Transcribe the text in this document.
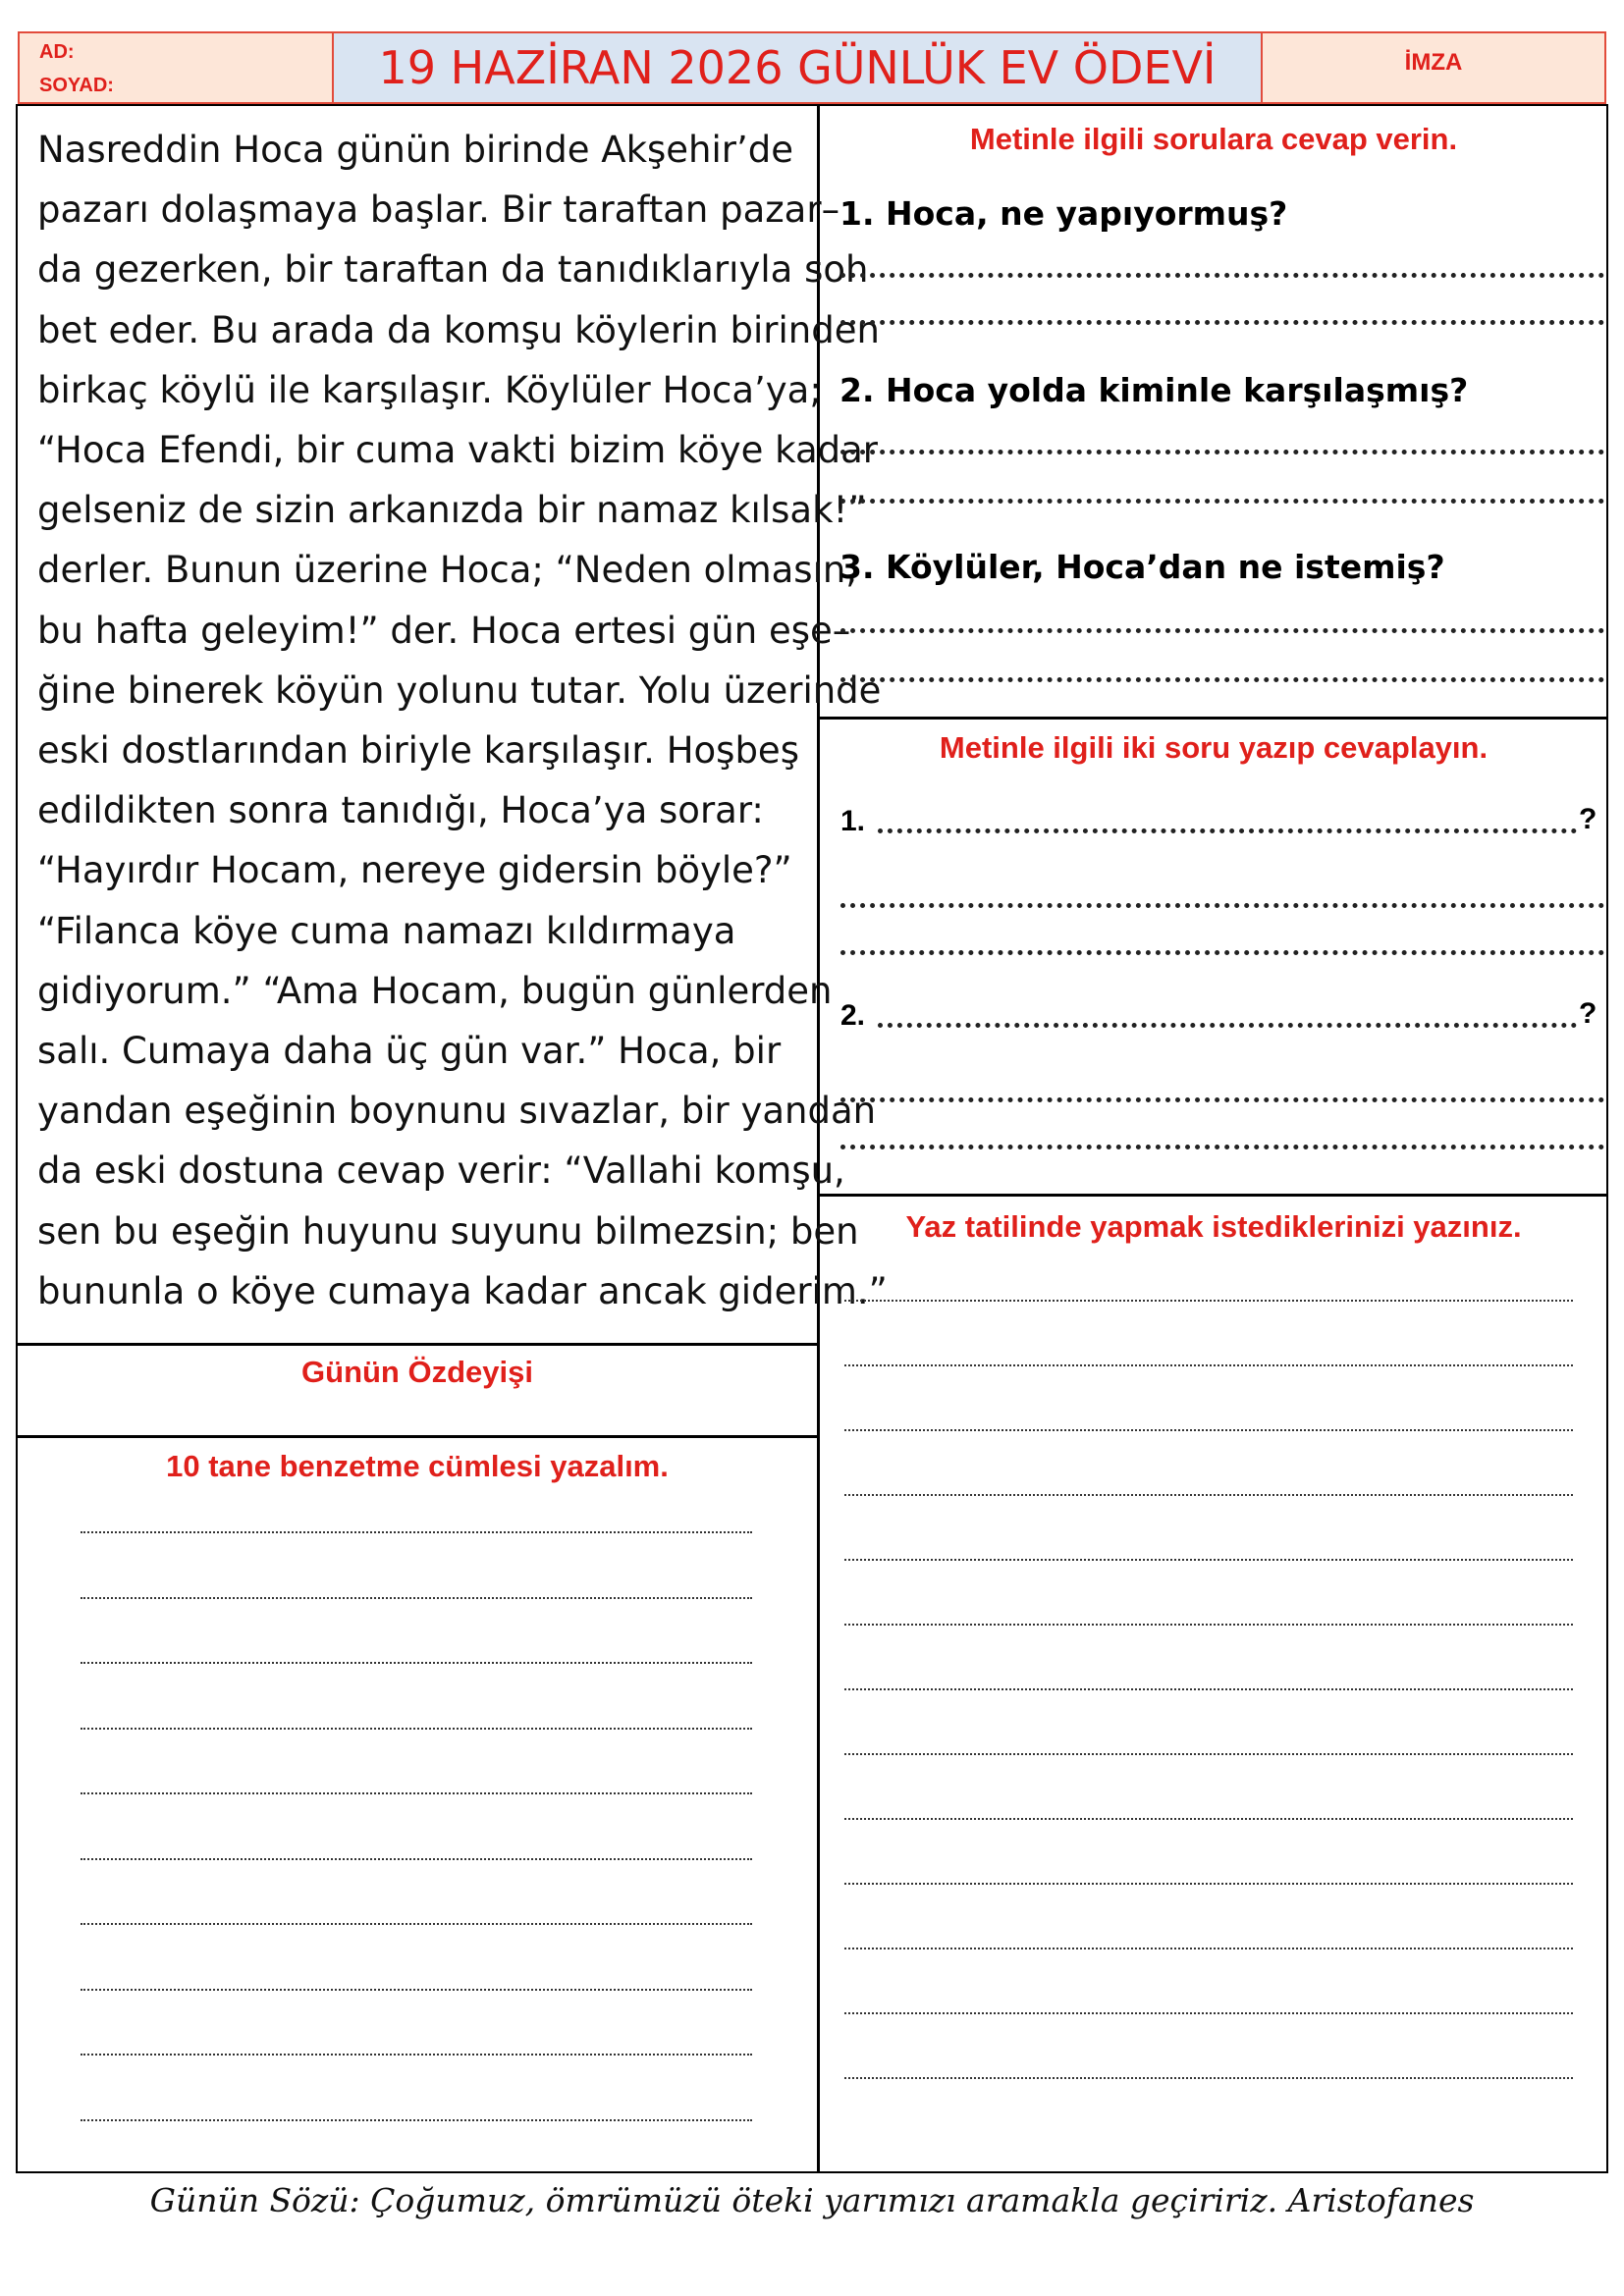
AD:
SOYAD:	19 HAZİRAN 2026 GÜNLÜK EV ÖDEVİ	İMZA
Nasreddin Hoca günün birinde Akşehir’de
pazarı dolaşmaya başlar. Bir taraftan pazar–
da gezerken, bir taraftan da tanıdıklarıyla soh
bet eder. Bu arada da komşu köylerin birinden
birkaç köylü ile karşılaşır. Köylüler Hoca’ya;
“Hoca Efendi, bir cuma vakti bizim köye kadar
gelseniz de sizin arkanızda bir namaz kılsak!”
derler. Bunun üzerine Hoca; “Neden olmasın,
bu hafta geleyim!” der. Hoca ertesi gün eşe–
ğine binerek köyün yolunu tutar. Yolu üzerinde
eski dostlarından biriyle karşılaşır. Hoşbeş
edildikten sonra tanıdığı, Hoca’ya sorar:
“Hayırdır Hocam, nereye gidersin böyle?”
“Filanca köye cuma namazı kıldırmaya
gidiyorum.” “Ama Hocam, bugün günlerden
salı. Cumaya daha üç gün var.” Hoca, bir
yandan eşeğinin boynunu sıvazlar, bir yandan
da eski dostuna cevap verir: “Vallahi komşu,
sen bu eşeğin huyunu suyunu bilmezsin; ben
bununla o köye cumaya kadar ancak giderim.”
Günün Özdeyişi
10 tane benzetme cümlesi yazalım.
Metinle ilgili sorulara cevap verin.
1. Hoca, ne yapıyormuş?
2. Hoca yolda kiminle karşılaşmış?
3. Köylüler, Hoca’dan ne istemiş?
Metinle ilgili iki soru yazıp cevaplayın.
1.	?
2.	?
Yaz tatilinde yapmak istediklerinizi yazınız.
Günün Sözü: Çoğumuz, ömrümüzü öteki yarımızı aramakla geçiririz. Aristofanes
